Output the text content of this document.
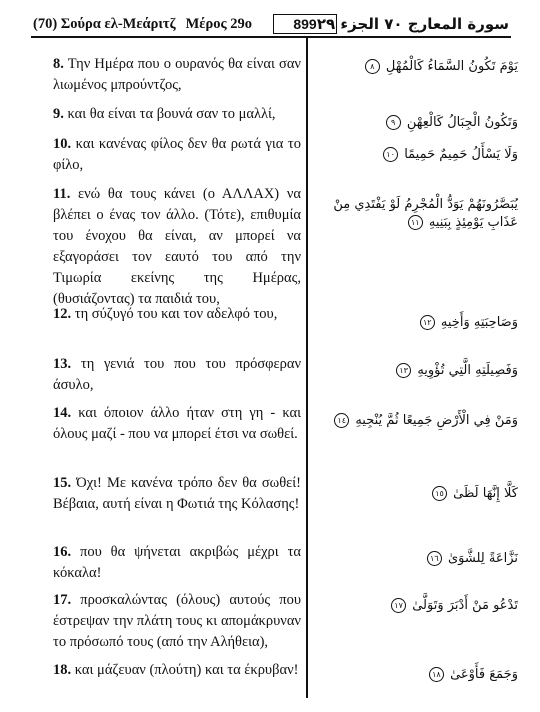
(70) Σούρα ελ-Μεάριτζ Μέρος 29ο	899 سورة المعارج ٧٠ الجزء ٢٩
8. Την Ημέρα που ο ουρανός θα είναι σαν λιωμένος μπρούντζος,
يَوْمَ تَكُونُ السَّمَاءُ كَالْمُهْلِ ٨
9. και θα είναι τα βουνά σαν το μαλλί,
وَتَكُونُ الْجِبَالُ كَالْعِهْنِ ٩
10. και κανένας φίλος δεν θα ρωτά για το φίλο,
وَلَا يَسْأَلُ حَمِيمٌ حَمِيمًا ١٠
11. ενώ θα τους κάνει (ο ΑΛΛΑΧ) να βλέπει ο ένας τον άλλο. (Τότε), επιθυμία του ένοχου θα είναι, αν μπορεί να εξαγοράσει τον εαυτό του από την Τιμωρία εκείνης της Ημέρας, (θυσιάζοντας) τα παιδιά του,
يُبَصَّرُونَهُمْ يَوَدُّ الْمُجْرِمُ لَوْ يَفْتَدِي مِنْ عَذَابِ يَوْمِئِذٍ بِبَنِيهِ ١١
12. τη σύζυγό του και τον αδελφό του,
وَصَاحِبَتِهِ وَأَخِيهِ ١٢
13. τη γενιά του που του πρόσφεραν άσυλο,
وَفَصِيلَتِهِ الَّتِي تُؤْوِيهِ ١٣
14. και όποιον άλλο ήταν στη γη - και όλους μαζί - που να μπορεί έτσι να σωθεί.
وَمَنْ فِي الْأَرْضِ جَمِيعًا ثُمَّ يُنْجِيهِ ١٤
15. Όχι! Με κανένα τρόπο δεν θα σωθεί! Βέβαια, αυτή είναι η Φωτιά της Κόλασης!
كَلَّا إِنَّهَا لَظَىٰ ١٥
16. που θα ψήνεται ακριβώς μέχρι τα κόκαλα!
نَزَّاعَةً لِلشَّوَىٰ ١٦
17. προσκαλώντας (όλους) αυτούς που έστρεψαν την πλάτη τους κι απομάκρυναν το πρόσωπό τους (από την Αλήθεια),
تَدْعُو مَنْ أَدْبَرَ وَتَوَلَّىٰ ١٧
18. και μάζευαν (πλούτη) και τα έκρυβαν!	وَجَمَعَ فَأَوْعَىٰ ١٨
